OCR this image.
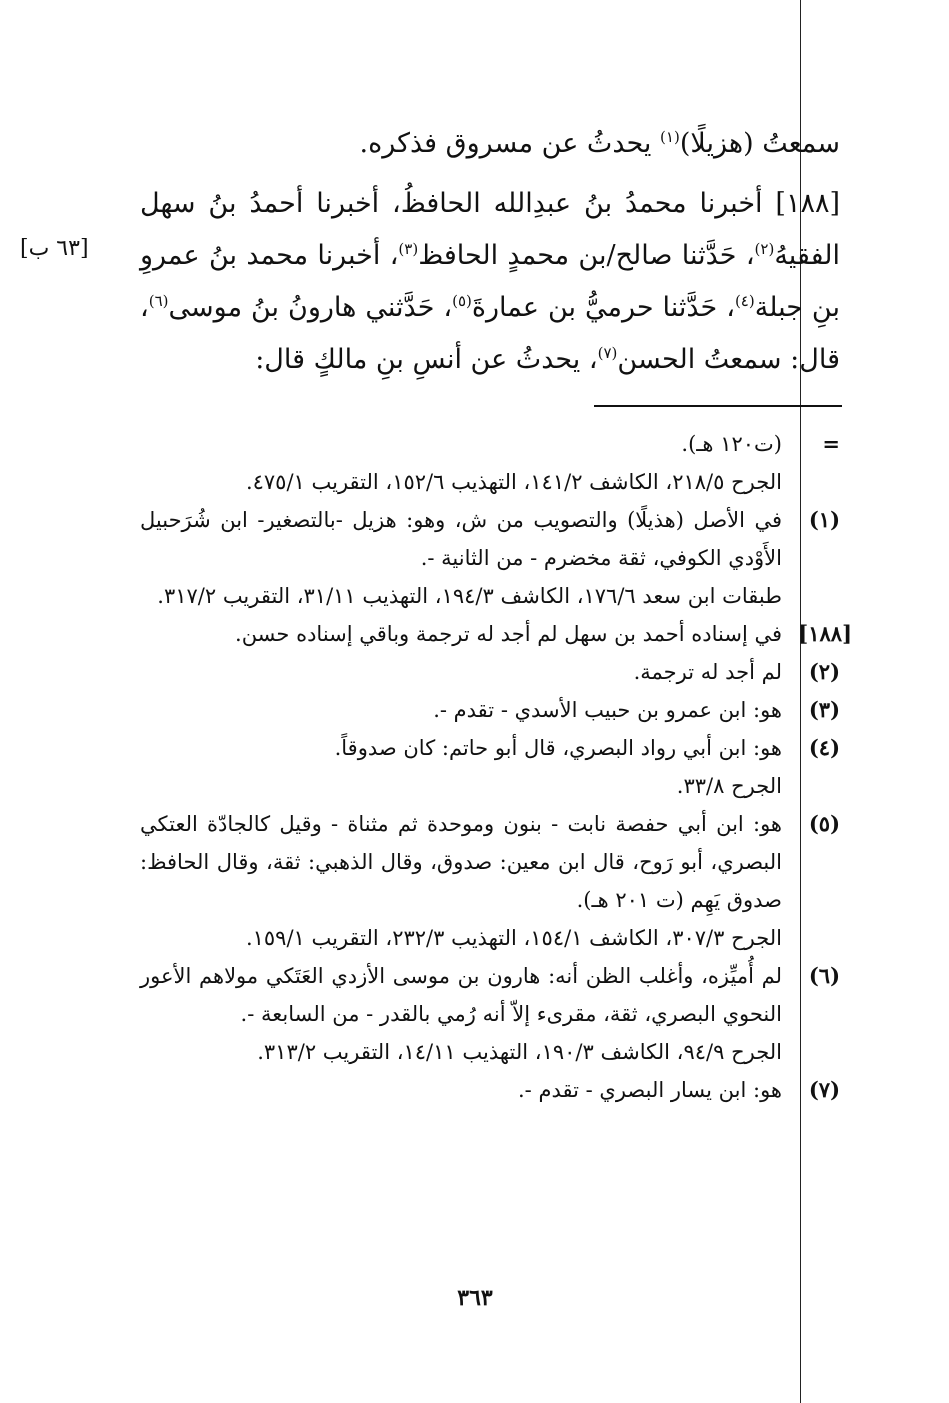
[٦٣ ب]

سمعتُ (هزيلًا)$^{(١)}$ يحدثُ عن مسروق فذكره.

[١٨٨] أخبرنا محمدُ بنُ عبدِالله الحافظُ، أخبرنا أحمدُ بنُ سهل الفقيهُ$^{(٢)}$، حَدَّثنا صالح/بن محمدٍ الحافظ$^{(٣)}$، أخبرنا محمد بنُ عمروِ بنِ جبلة$^{(٤)}$، حَدَّثنا حرميُّ بن عمارةَ$^{(٥)}$، حَدَّثني هارونُ بنُ موسى$^{(٦)}$، قال: سمعتُ الحسن$^{(٧)}$، يحدثُ عن أنسِ بنِ مالكٍ قال:

=
(ت١٢٠ هـ).
الجرح ٢١٨/٥، الكاشف ١٤١/٢، التهذيب ١٥٢/٦، التقريب ٤٧٥/١.
(١)
في الأصل (هذيلًا) والتصويب من ش، وهو: هزيل -بالتصغير- ابن شُرَحبيل الأَوْدي الكوفي، ثقة مخضرم - من الثانية -.
طبقات ابن سعد ١٧٦/٦، الكاشف ١٩٤/٣، التهذيب ٣١/١١، التقريب ٣١٧/٢.
[١٨٨]
في إسناده أحمد بن سهل لم أجد له ترجمة وباقي إسناده حسن.
(٢)
لم أجد له ترجمة.
(٣)
هو: ابن عمرو بن حبيب الأسدي - تقدم -.
(٤)
هو: ابن أبي رواد البصري، قال أبو حاتم: كان صدوقاً.
الجرح ٣٣/٨.
(٥)
هو: ابن أبي حفصة نابت - بنون وموحدة ثم مثناة - وقيل كالجادّة العتكي البصري، أبو رَوح، قال ابن معين: صدوق، وقال الذهبي: ثقة، وقال الحافظ: صدوق يَهِم (ت ٢٠١ هـ).
الجرح ٣٠٧/٣، الكاشف ١٥٤/١، التهذيب ٢٣٢/٣، التقريب ١٥٩/١.
(٦)
لم أُميِّزه، وأغلب الظن أنه: هارون بن موسى الأزدي العَتَكي مولاهم الأعور النحوي البصري، ثقة، مقرىء إلاّ أنه رُمي بالقدر - من السابعة -.
الجرح ٩٤/٩، الكاشف ١٩٠/٣، التهذيب ١٤/١١، التقريب ٣١٣/٢.
(٧)
هو: ابن يسار البصري - تقدم -.
٣٦٣
